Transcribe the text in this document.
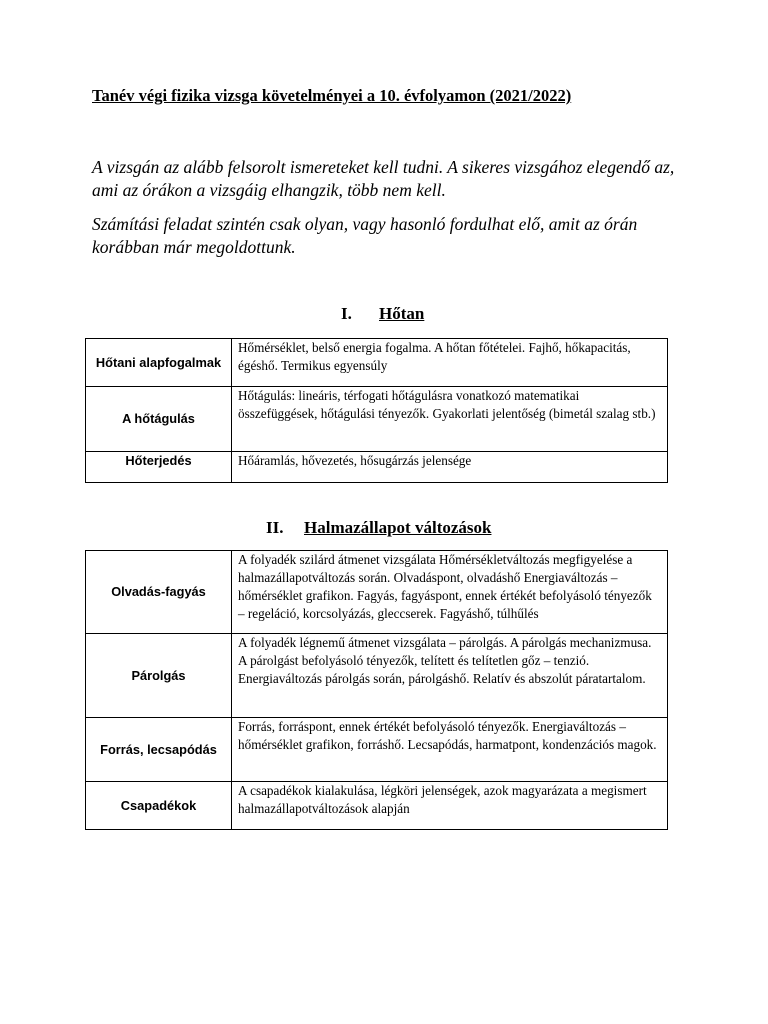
Tanév végi fizika vizsga követelményei a 10. évfolyamon (2021/2022)

A vizsgán az alább felsorolt ismereteket kell tudni. A sikeres vizsgához elegendő az, ami az órákon a vizsgáig elhangzik, több nem kell.

Számítási feladat szintén csak olyan, vagy hasonló fordulhat elő, amit az órán korábban már megoldottunk.

I. Hőtan
Hőtani alapfogalmak	Hőmérséklet, belső energia fogalma. A hőtan főtételei. Fajhő, hőkapacitás, égéshő. Termikus egyensúly
A hőtágulás	Hőtágulás: lineáris, térfogati hőtágulásra vonatkozó matematikai összefüggések, hőtágulási tényezők. Gyakorlati jelentőség (bimetál szalag stb.)
Hőterjedés	Hőáramlás, hővezetés, hősugárzás jelensége
II. Halmazállapot változások
Olvadás-fagyás	A folyadék szilárd átmenet vizsgálata Hőmérsékletváltozás megfigyelése a halmazállapotváltozás során. Olvadáspont, olvadáshő Energiaváltozás – hőmérséklet grafikon. Fagyás, fagyáspont, ennek értékét befolyásoló tényezők – regeláció, korcsolyázás, gleccserek. Fagyáshő, túlhűlés
Párolgás	A folyadék légnemű átmenet vizsgálata – párolgás. A párolgás mechanizmusa. A párolgást befolyásoló tényezők, telített és telítetlen gőz – tenzió. Energiaváltozás párolgás során, párolgáshő. Relatív és abszolút páratartalom.
Forrás, lecsapódás	Forrás, forráspont, ennek értékét befolyásoló tényezők. Energiaváltozás – hőmérséklet grafikon, forráshő. Lecsapódás, harmatpont, kondenzációs magok.
Csapadékok	A csapadékok kialakulása, légköri jelenségek, azok magyarázata a megismert halmazállapotváltozások alapján
